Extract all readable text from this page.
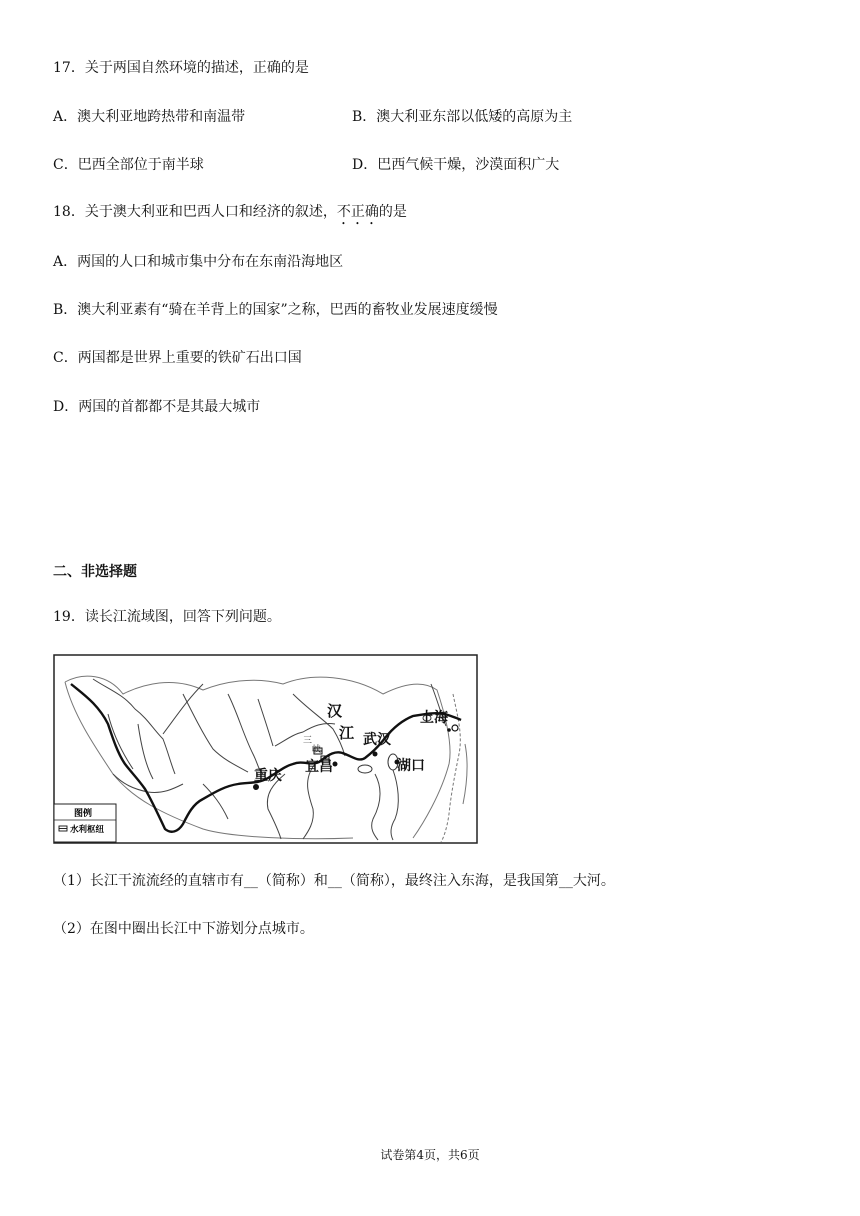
17．关于两国自然环境的描述，正确的是
A．澳大利亚地跨热带和南温带	B．澳大利亚东部以低矮的高原为主
C．巴西全部位于南半球	D．巴西气候干燥，沙漠面积广大
18．关于澳大利亚和巴西人口和经济的叙述，不正确的是
A．两国的人口和城市集中分布在东南沿海地区
B．澳大利亚素有“骑在羊背上的国家”之称，巴西的畜牧业发展速度缓慢
C．两国都是世界上重要的铁矿石出口国
D．两国的首都都不是其最大城市
二、非选择题
19．读长江流域图，回答下列问题。
汉
江
三
峡
宜昌
武汉
湖口
上海
重庆
图例
水利枢纽
（1）长江干流流经的直辖市有__（简称）和__（简称），最终注入东海，是我国第__大河。
（2）在图中圈出长江中下游划分点城市。
试卷第4页，共6页
